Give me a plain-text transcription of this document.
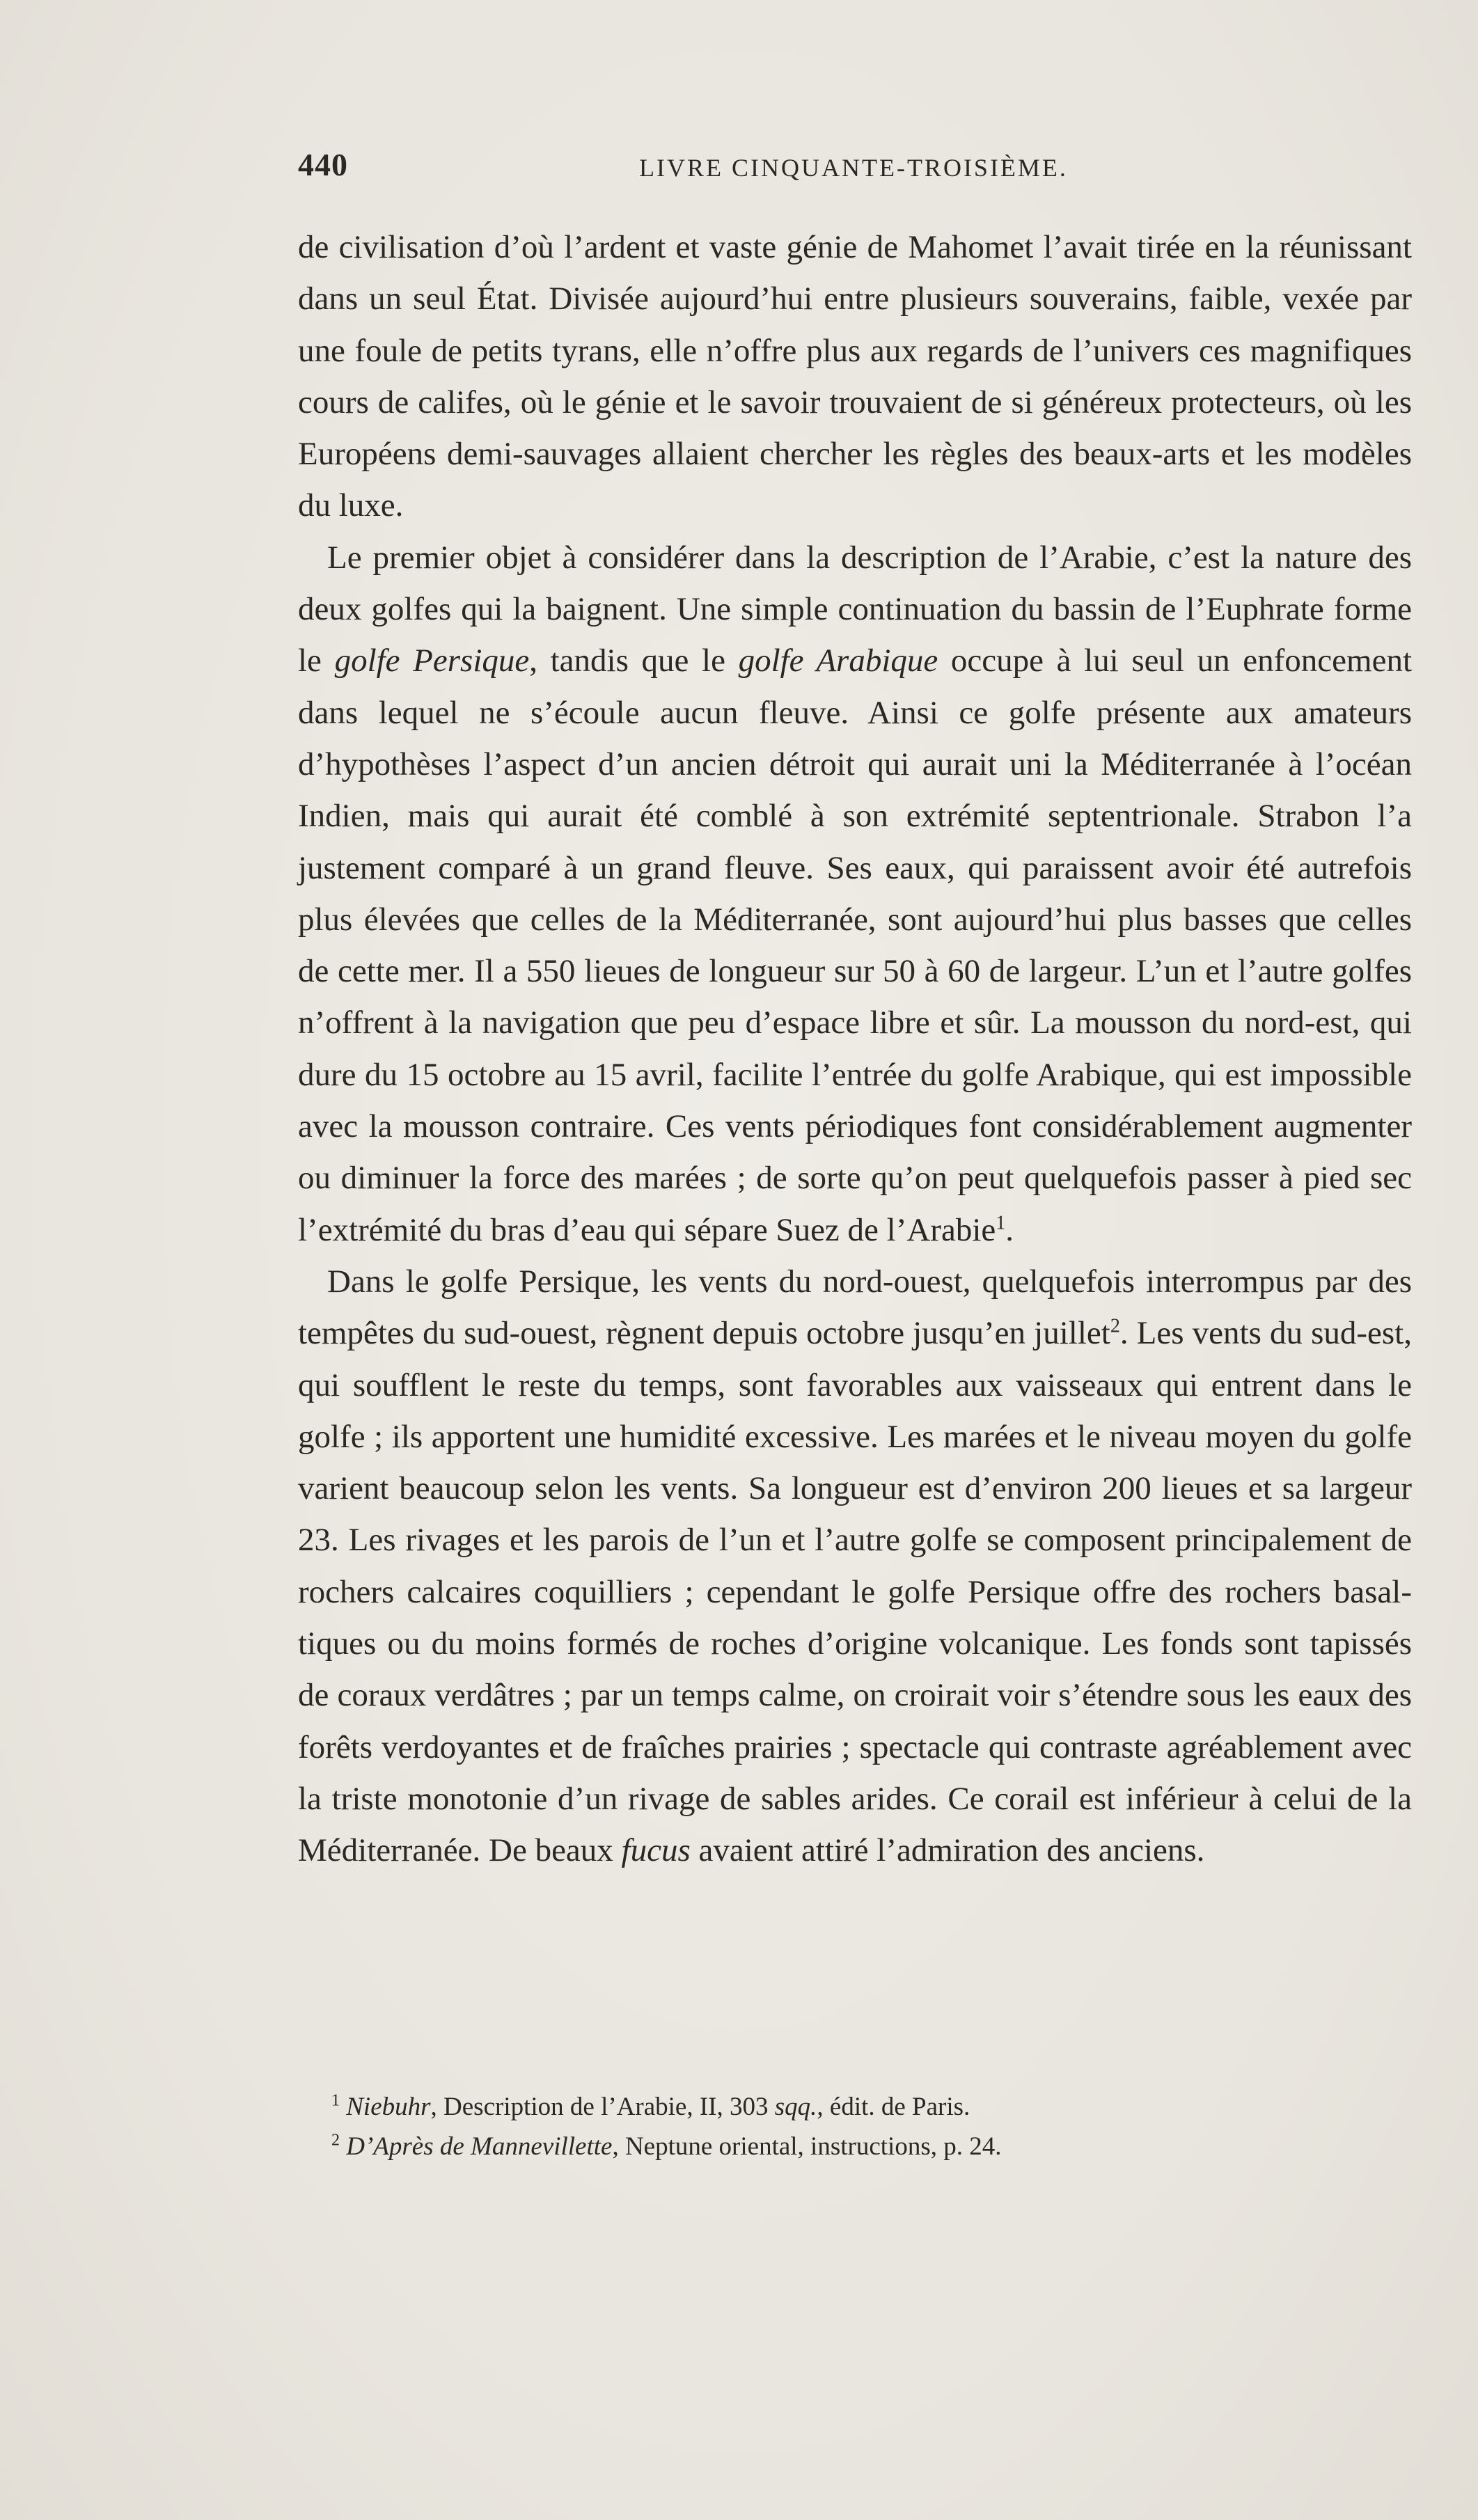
440	LIVRE CINQUANTE-TROISIÈME.

de civilisation d’où l’ardent et vaste génie de Mahomet l’avait tirée en la réunissant dans un seul État. Divisée aujourd’hui entre plusieurs souverains, faible, vexée par une foule de petits tyrans, elle n’offre plus aux regards de l’univers ces magnifiques cours de califes, où le génie et le savoir trouvaient de si généreux protecteurs, où les Européens demi-sauvages allaient chercher les règles des beaux-arts et les modèles du luxe.

Le premier objet à considérer dans la description de l’Arabie, c’est la nature des deux golfes qui la baignent. Une simple continuation du bassin de l’Euphrate forme le golfe Persique, tandis que le golfe Arabique occupe à lui seul un enfoncement dans lequel ne s’écoule aucun fleuve. Ainsi ce golfe présente aux amateurs d’hypothèses l’aspect d’un ancien détroit qui aurait uni la Méditerranée à l’océan Indien, mais qui aurait été comblé à son extrémité septentrionale. Strabon l’a justement comparé à un grand fleuve. Ses eaux, qui paraissent avoir été autrefois plus élevées que celles de la Méditerranée, sont aujourd’hui plus basses que celles de cette mer. Il a 550 lieues de longueur sur 50 à 60 de largeur. L’un et l’autre golfes n’offrent à la navigation que peu d’espace libre et sûr. La mousson du nord-est, qui dure du 15 octobre au 15 avril, facilite l’entrée du golfe Arabique, qui est impossible avec la mousson contraire. Ces vents périodiques font considérablement augmenter ou diminuer la force des marées ; de sorte qu’on peut quelquefois passer à pied sec l’extrémité du bras d’eau qui sépare Suez de l’Arabie$^1$.

Dans le golfe Persique, les vents du nord-ouest, quelquefois interrompus par des tempêtes du sud-ouest, règnent depuis octobre jusqu’en juillet$^2$. Les vents du sud-est, qui soufflent le reste du temps, sont favorables aux vaisseaux qui entrent dans le golfe ; ils apportent une humidité excessive. Les marées et le niveau moyen du golfe varient beaucoup selon les vents. Sa longueur est d’environ 200 lieues et sa largeur 23. Les rivages et les parois de l’un et l’autre golfe se composent principalement de rochers calcaires coquilliers ; cependant le golfe Persique offre des rochers basaltiques ou du moins formés de roches d’origine volcanique. Les fonds sont tapissés de coraux verdâtres ; par un temps calme, on croirait voir s’étendre sous les eaux des forêts verdoyantes et de fraîches prairies ; spectacle qui contraste agréablement avec la triste monotonie d’un rivage de sables arides. Ce corail est inférieur à celui de la Méditerranée. De beaux fucus avaient attiré l’admiration des anciens.

$^1$ Niebuhr, Description de l’Arabie, II, 303 sqq., édit. de Paris.

$^2$ D’Après de Mannevillette, Neptune oriental, instructions, p. 24.
